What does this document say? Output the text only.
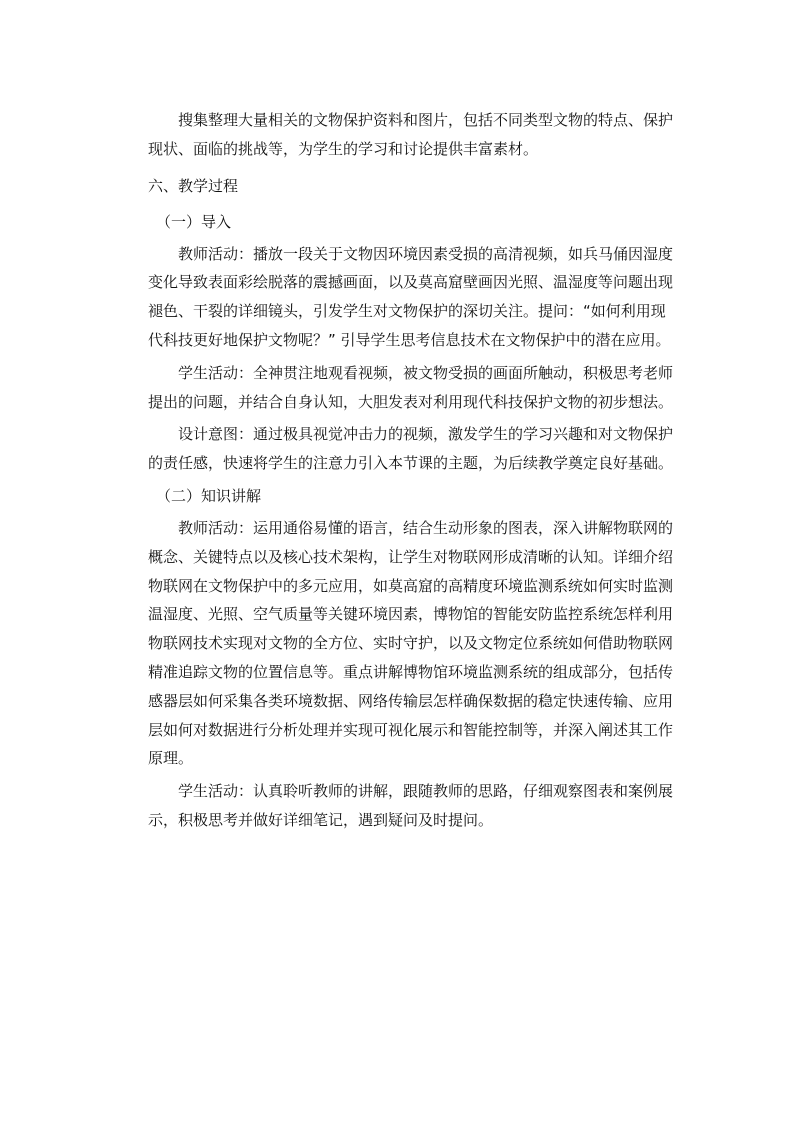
搜集整理大量相关的文物保护资料和图片，包括不同类型文物的特点、保护
现状、面临的挑战等，为学生的学习和讨论提供丰富素材。

六、教学过程

（一）导入

教师活动：播放一段关于文物因环境因素受损的高清视频，如兵马俑因湿度
变化导致表面彩绘脱落的震撼画面，以及莫高窟壁画因光照、温湿度等问题出现
褪色、干裂的详细镜头，引发学生对文物保护的深切关注。提问：“如何利用现
代科技更好地保护文物呢？” 引导学生思考信息技术在文物保护中的潜在应用。

学生活动：全神贯注地观看视频，被文物受损的画面所触动，积极思考老师
提出的问题，并结合自身认知，大胆发表对利用现代科技保护文物的初步想法。

设计意图：通过极具视觉冲击力的视频，激发学生的学习兴趣和对文物保护
的责任感，快速将学生的注意力引入本节课的主题，为后续教学奠定良好基础。

（二）知识讲解

教师活动：运用通俗易懂的语言，结合生动形象的图表，深入讲解物联网的
概念、关键特点以及核心技术架构，让学生对物联网形成清晰的认知。详细介绍
物联网在文物保护中的多元应用，如莫高窟的高精度环境监测系统如何实时监测
温湿度、光照、空气质量等关键环境因素，博物馆的智能安防监控系统怎样利用
物联网技术实现对文物的全方位、实时守护，以及文物定位系统如何借助物联网
精准追踪文物的位置信息等。重点讲解博物馆环境监测系统的组成部分，包括传
感器层如何采集各类环境数据、网络传输层怎样确保数据的稳定快速传输、应用
层如何对数据进行分析处理并实现可视化展示和智能控制等，并深入阐述其工作
原理。

学生活动：认真聆听教师的讲解，跟随教师的思路，仔细观察图表和案例展
示，积极思考并做好详细笔记，遇到疑问及时提问。
